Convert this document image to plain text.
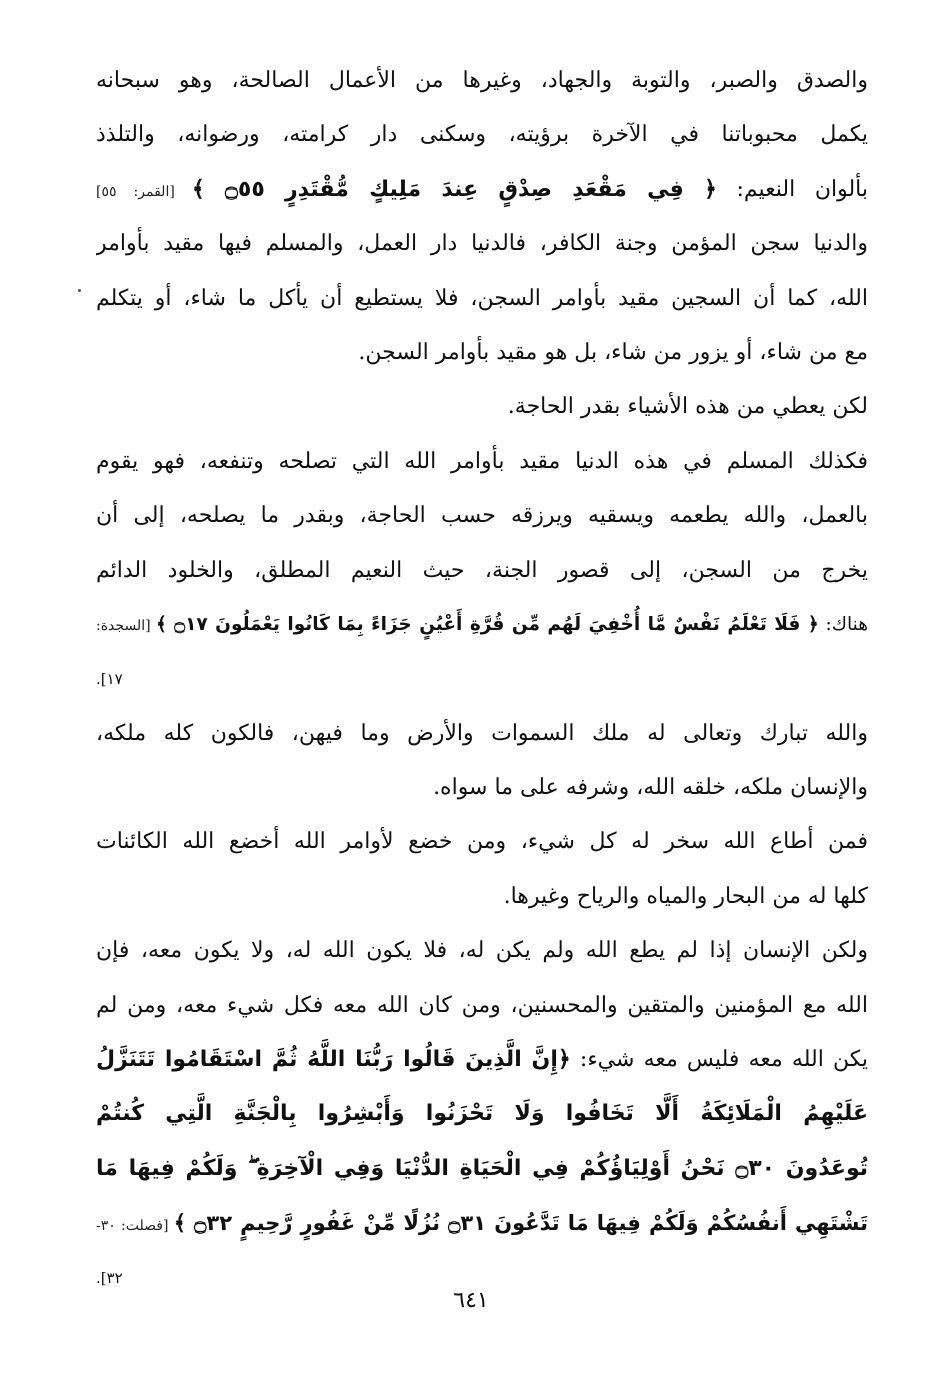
والصدق والصبر، والتوبة والجهاد، وغيرها من الأعمال الصالحة، وهو سبحانه
يكمل محبوباتنا في الآخرة برؤيته، وسكنى دار كرامته، ورضوانه، والتلذذ
بألوان النعيم: ﴿ فِي مَقْعَدِ صِدْقٍ عِندَ مَلِيكٍ مُّقْتَدِرٍ ۝٥٥ ﴾ [القمر: ٥٥]
والدنيا سجن المؤمن وجنة الكافر، فالدنيا دار العمل، والمسلم فيها مقيد بأوامر
الله، كما أن السجين مقيد بأوامر السجن، فلا يستطيع أن يأكل ما شاء، أو يتكلم
مع من شاء، أو يزور من شاء، بل هو مقيد بأوامر السجن.
لكن يعطي من هذه الأشياء بقدر الحاجة.
فكذلك المسلم في هذه الدنيا مقيد بأوامر الله التي تصلحه وتنفعه، فهو يقوم
بالعمل، والله يطعمه ويسقيه ويرزقه حسب الحاجة، وبقدر ما يصلحه، إلى أن
يخرج من السجن، إلى قصور الجنة، حيث النعيم المطلق، والخلود الدائم
هناك: ﴿ فَلَا تَعْلَمُ نَفْسٌ مَّا أُخْفِيَ لَهُم مِّن قُرَّةِ أَعْيُنٍ جَزَاءً بِمَا كَانُوا يَعْمَلُونَ ۝١٧ ﴾ [السجدة:
١٧].
والله تبارك وتعالى له ملك السموات والأرض وما فيهن، فالكون كله ملكه،
والإنسان ملكه، خلقه الله، وشرفه على ما سواه.
فمن أطاع الله سخر له كل شيء، ومن خضع لأوامر الله أخضع الله الكائنات
كلها له من البحار والمياه والرياح وغيرها.
ولكن الإنسان إذا لم يطع الله ولم يكن له، فلا يكون الله له، ولا يكون معه، فإن
الله مع المؤمنين والمتقين والمحسنين، ومن كان الله معه فكل شيء معه، ومن لم
يكن الله معه فليس معه شيء: ﴿إِنَّ الَّذِينَ قَالُوا رَبُّنَا اللَّهُ ثُمَّ اسْتَقَامُوا تَتَنَزَّلُ
عَلَيْهِمُ الْمَلَائِكَةُ أَلَّا تَخَافُوا وَلَا تَحْزَنُوا وَأَبْشِرُوا بِالْجَنَّةِ الَّتِي كُنتُمْ
تُوعَدُونَ ۝٣٠ نَحْنُ أَوْلِيَاؤُكُمْ فِي الْحَيَاةِ الدُّنْيَا وَفِي الْآخِرَةِ ۖ وَلَكُمْ فِيهَا مَا
تَشْتَهِي أَنفُسُكُمْ وَلَكُمْ فِيهَا مَا تَدَّعُونَ ۝٣١ نُزُلًا مِّنْ غَفُورٍ رَّحِيمٍ ۝٣٢ ﴾ [فصلت: ٣٠-
٣٢].
٦٤١
